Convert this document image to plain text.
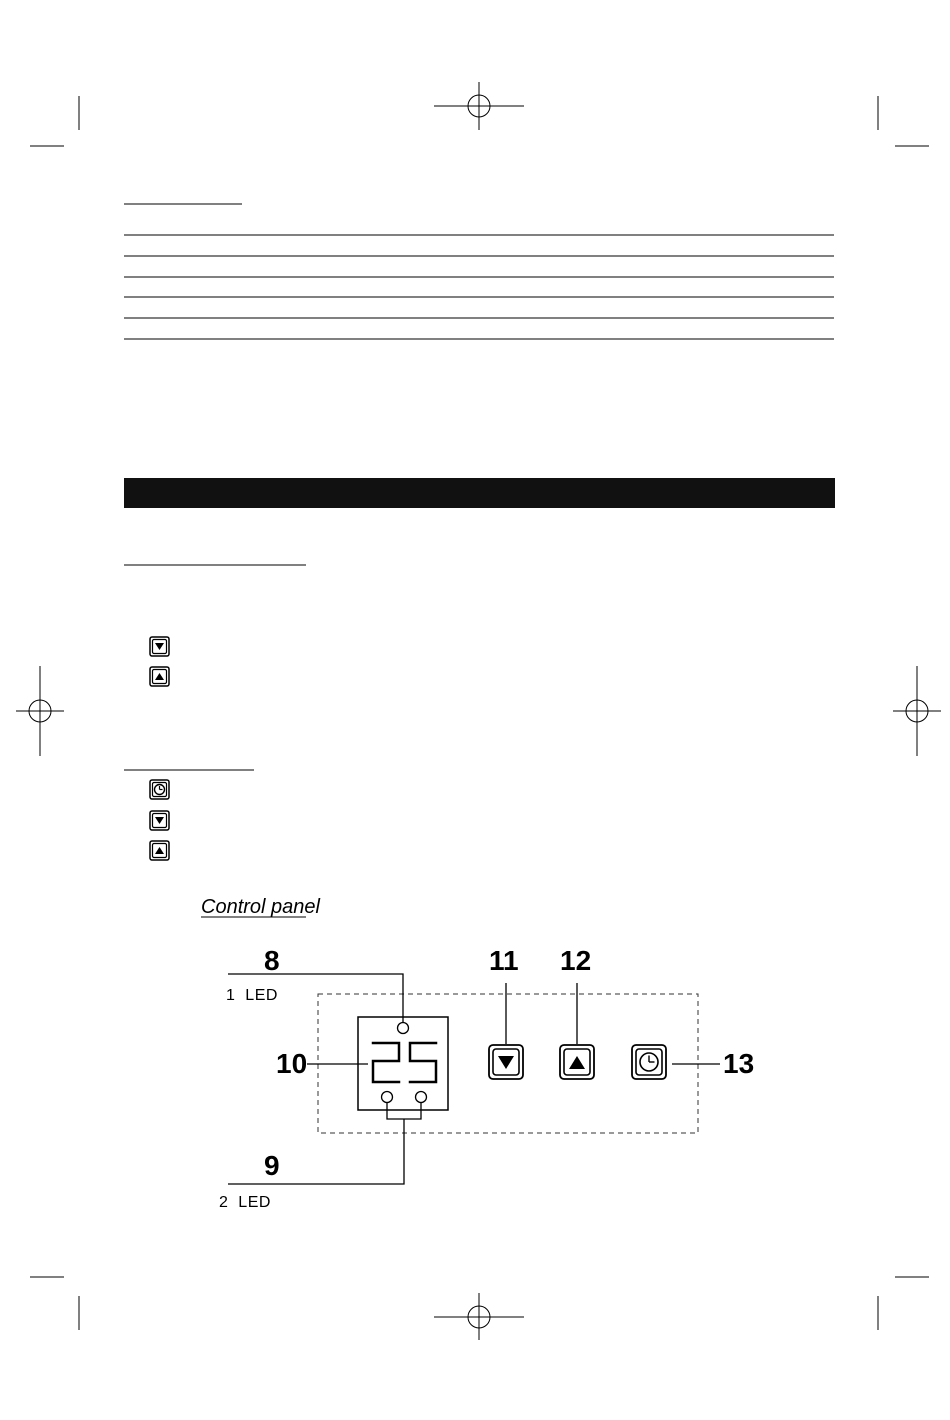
Control panel
25
8
10
9
11 12
13
1  LED
2  LED
